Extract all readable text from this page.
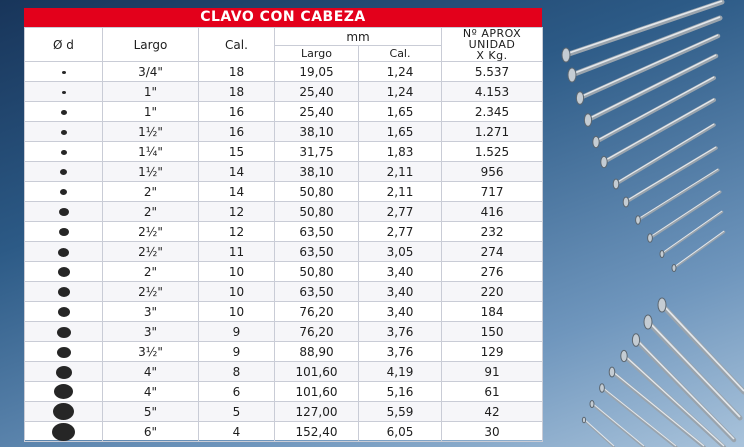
CLAVO CON CABEZA
Ø d	Largo	Cal.	mm		Nº APROX
UNIDAD
X Kg.

			Largo	Cal.	
	3/4"	18	19,05	1,24	5.537
	1"	18	25,40	1,24	4.153
	1"	16	25,40	1,65	2.345
	1½"	16	38,10	1,65	1.271
	1¼"	15	31,75	1,83	1.525
	1½"	14	38,10	2,11	956
	2"	14	50,80	2,11	717
	2"	12	50,80	2,77	416
	2½"	12	63,50	2,77	232
	2½"	11	63,50	3,05	274
	2"	10	50,80	3,40	276
	2½"	10	63,50	3,40	220
	3"	10	76,20	3,40	184
	3"	9	76,20	3,76	150
	3½"	9	88,90	3,76	129
	4"	8	101,60	4,19	91
	4"	6	101,60	5,16	61
	5"	5	127,00	5,59	42
	6"	4	152,40	6,05	30
